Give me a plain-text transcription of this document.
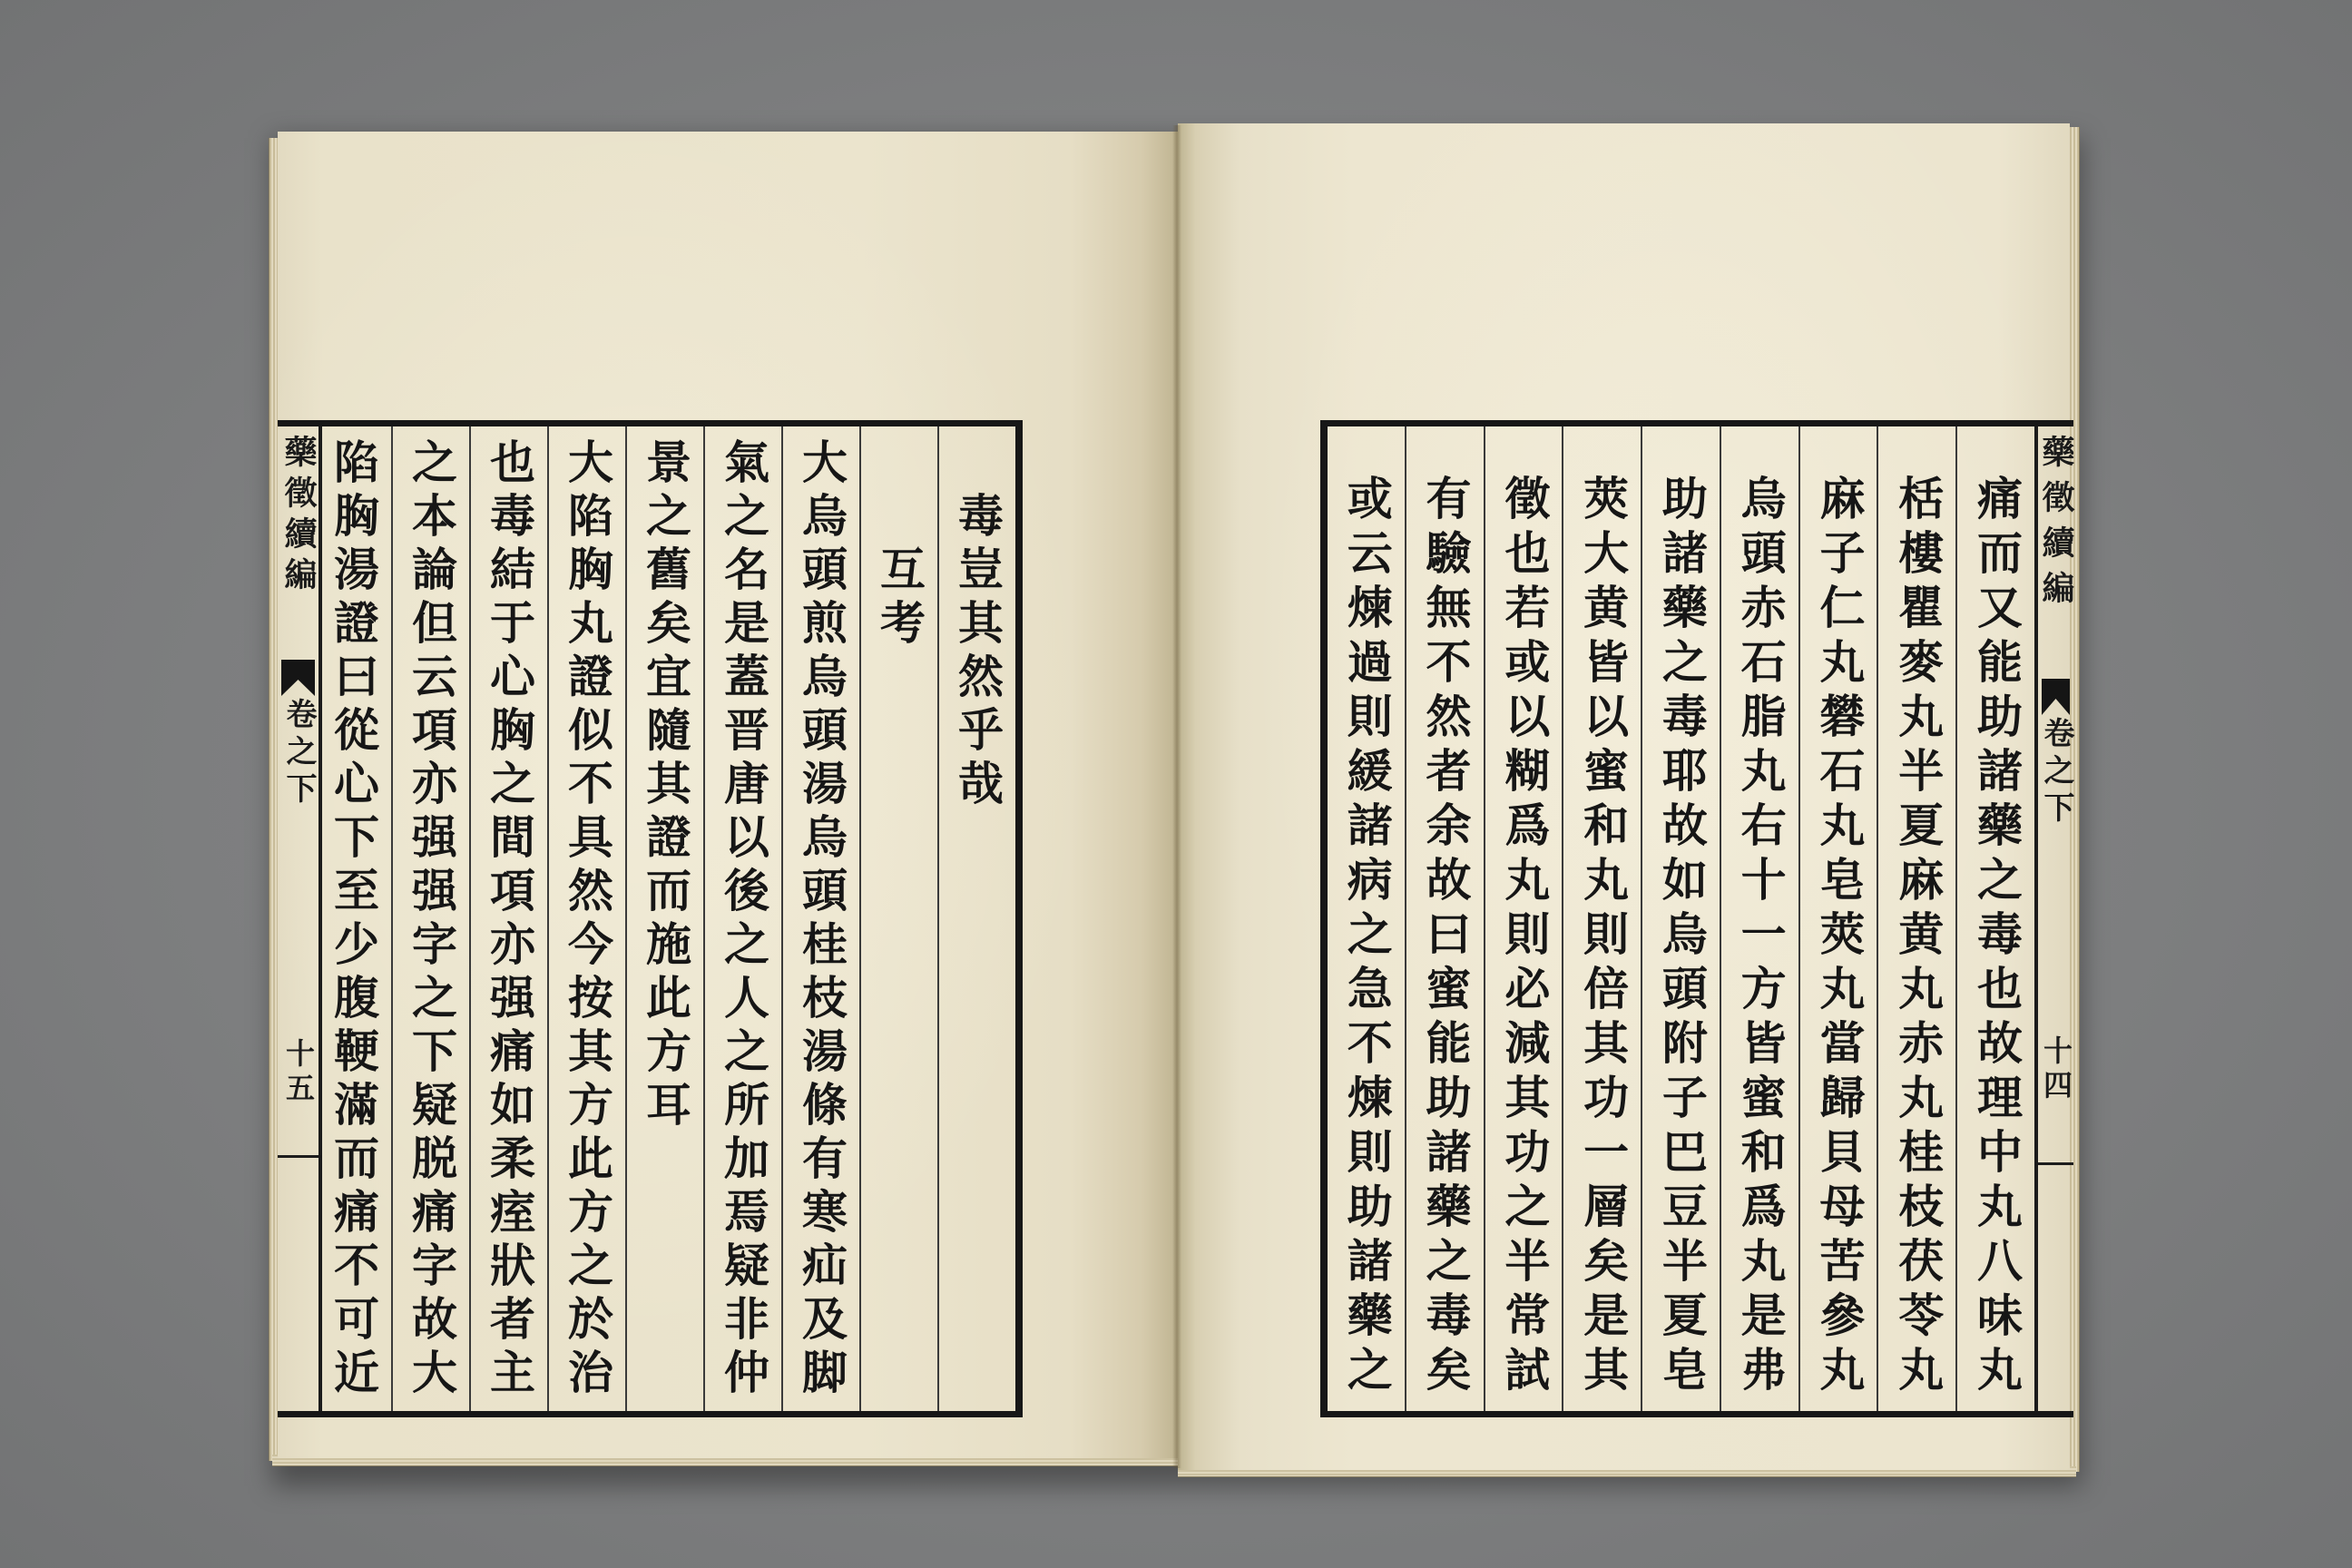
藥徵續編
卷之下
十五
毒豈其然乎哉
互考
大烏頭煎烏頭湯烏頭桂枝湯條有寒疝及脚
氣之名是蓋晋唐以後之人之所加焉疑非仲
景之舊矣宜隨其證而施此方耳
大陷胸丸證似不具然今按其方此方之於治
也毒結于心胸之間項亦强痛如柔痓狀者主
之本論但云項亦强强字之下疑脱痛字故大
陷胸湯證曰從心下至少腹鞕滿而痛不可近	痛而又能助諸藥之毒也故理中丸八味丸
栝樓瞿麥丸半夏麻黄丸赤丸桂枝茯苓丸
麻子仁丸礬石丸皂莢丸當歸貝母苦參丸
烏頭赤石脂丸右十一方皆蜜和爲丸是弗
助諸藥之毒耶故如烏頭附子巴豆半夏皂
莢大黄皆以蜜和丸則倍其功一層矣是其
徵也若或以糊爲丸則必減其功之半常試
有驗無不然者余故曰蜜能助諸藥之毒矣
或云煉過則緩諸病之急不煉則助諸藥之	藥徵續編
卷之下
十四
